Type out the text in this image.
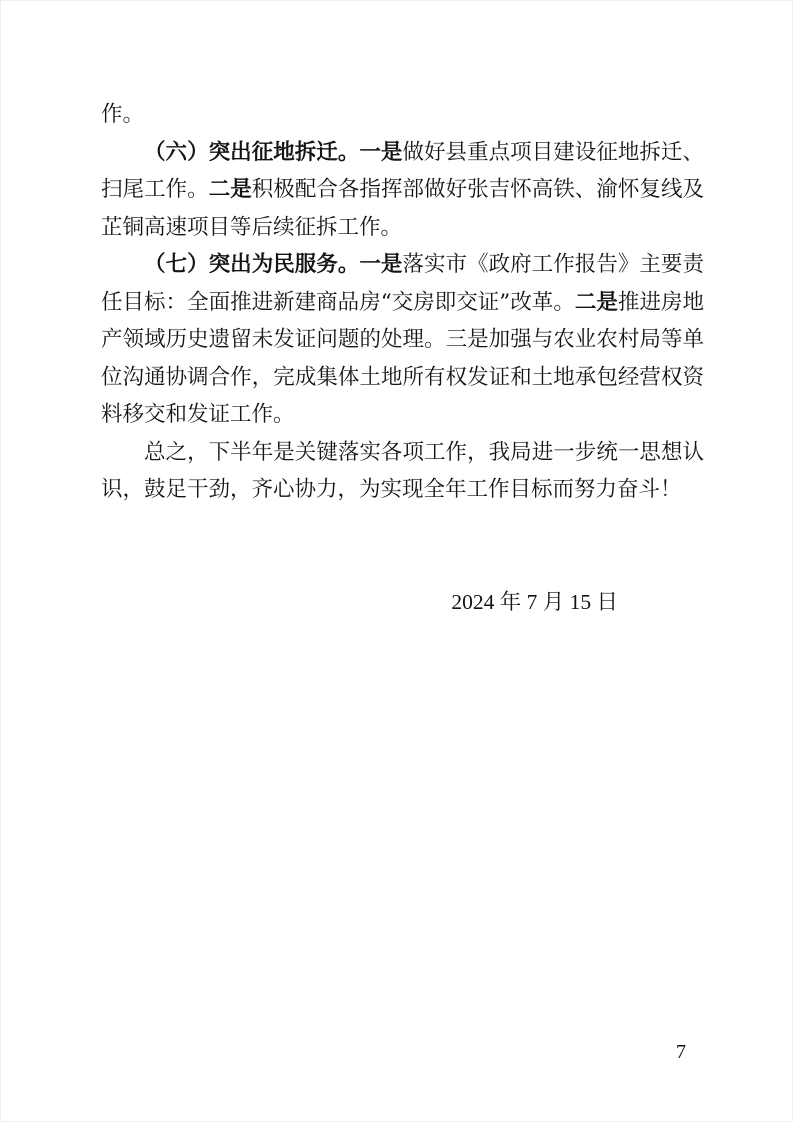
作。

（六）突出征地拆迁。一是做好县重点项目建设征地拆迁、扫尾工作。二是积极配合各指挥部做好张吉怀高铁、渝怀复线及芷铜高速项目等后续征拆工作。

（七）突出为民服务。一是落实市《政府工作报告》主要责任目标：全面推进新建商品房“交房即交证”改革。二是推进房地产领域历史遗留未发证问题的处理。三是加强与农业农村局等单位沟通协调合作，完成集体土地所有权发证和土地承包经营权资料移交和发证工作。

总之，下半年是关键落实各项工作，我局进一步统一思想认识，鼓足干劲，齐心协力，为实现全年工作目标而努力奋斗！

2024 年 7 月 15 日
7
